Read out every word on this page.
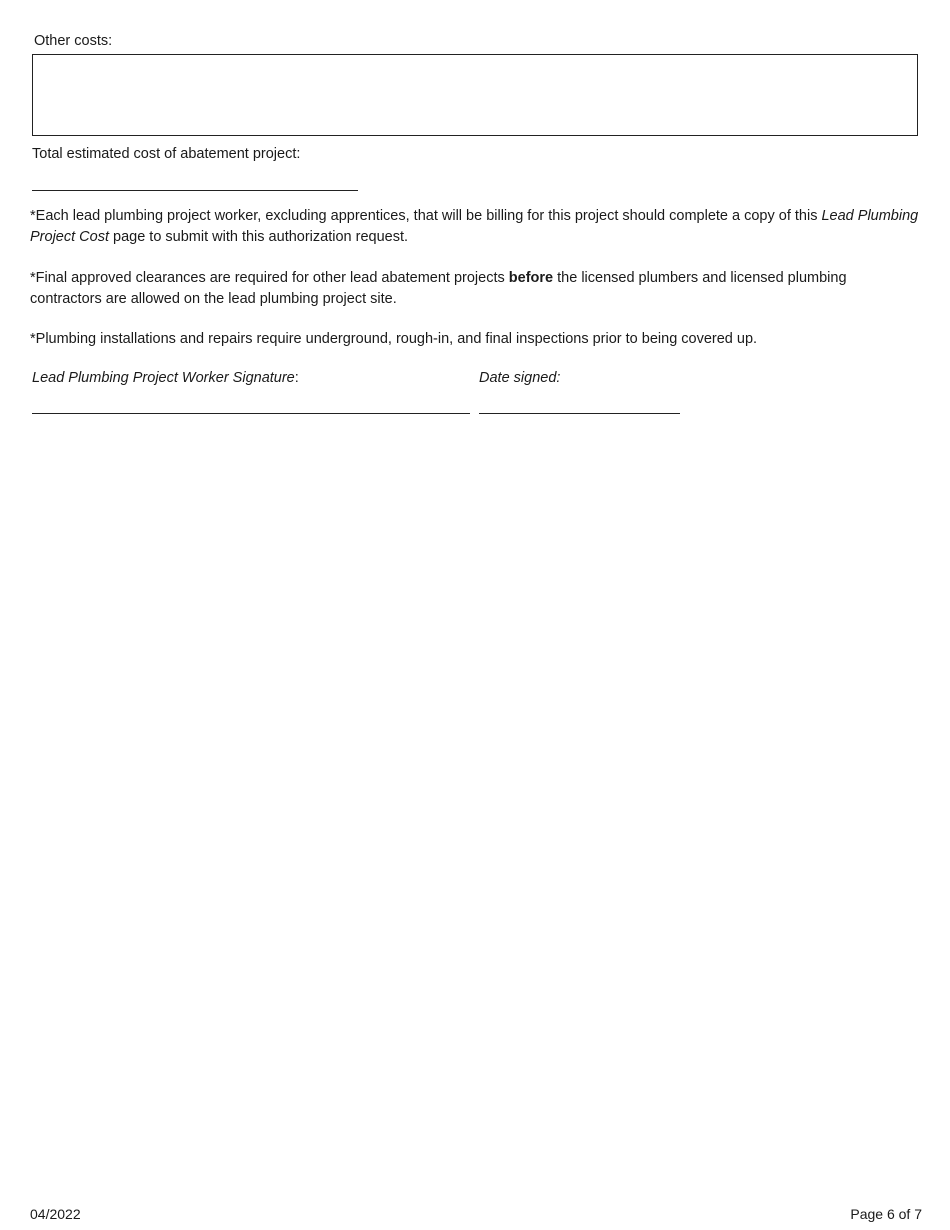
Other costs:
Total estimated cost of abatement project:
*Each lead plumbing project worker, excluding apprentices, that will be billing for this project should complete a copy of this Lead Plumbing Project Cost page to submit with this authorization request.
*Final approved clearances are required for other lead abatement projects before the licensed plumbers and licensed plumbing contractors are allowed on the lead plumbing project site.
*Plumbing installations and repairs require underground, rough-in, and final inspections prior to being covered up.
Lead Plumbing Project Worker Signature:	Date signed:
04/2022	Page 6 of 7
